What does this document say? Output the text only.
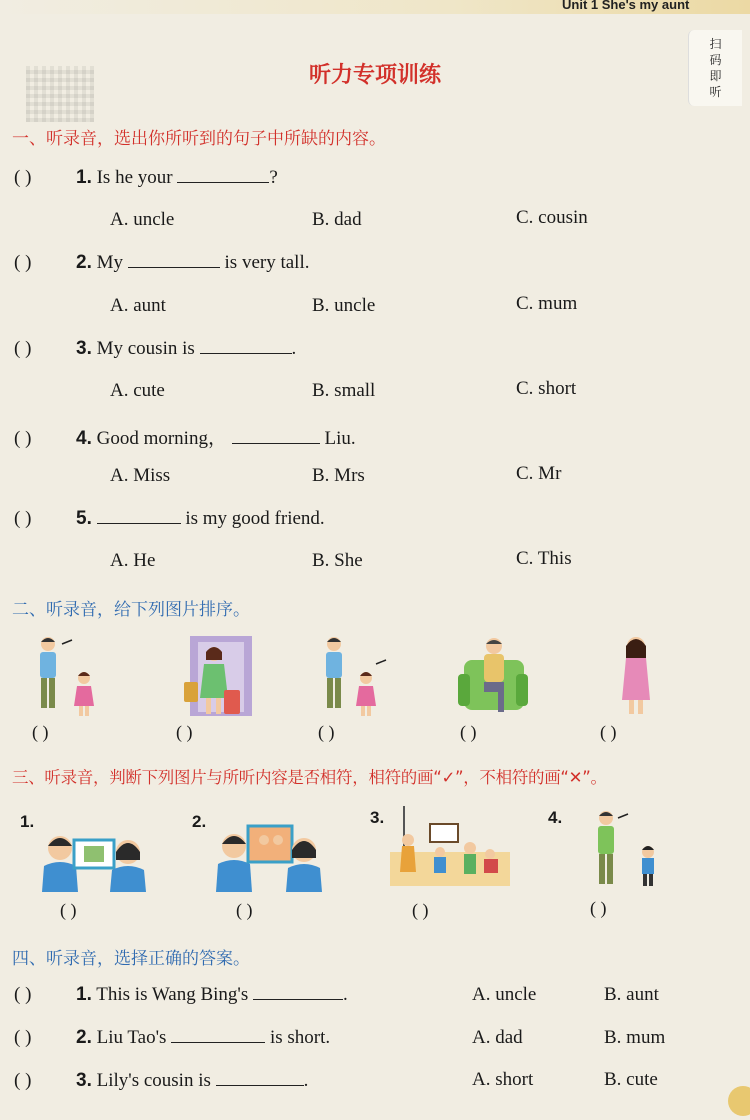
Unit 1 She's my aunt
扫码即听
听力专项训练
一、听录音，选出你所听到的句子中所缺的内容。
( ) 1. Is he your	?
A. uncle	B. dad	C. cousin
( ) 2. My	is very tall.
A. aunt	B. uncle	C. mum
( ) 3. My cousin is	.
A. cute	B. small	C. short
( ) 4. Good morning，	Liu.
A. Miss	B. Mrs	C. Mr
( ) 5.	is my good friend.
A. He	B. She	C. This
二、听录音，给下列图片排序。
( )	( )	( )	( )	( )
三、听录音，判断下列图片与所听内容是否相符，相符的画“✓”，不相符的画“✕”。
1.	2.	3.	4.
( )	( )	( )	( )
四、听录音，选择正确的答案。
( ) 1. This is Wang Bing's	.	A. uncle	B. aunt
( ) 2. Liu Tao's	is short.	A. dad	B. mum
( ) 3. Lily's cousin is	.	A. short	B. cute
